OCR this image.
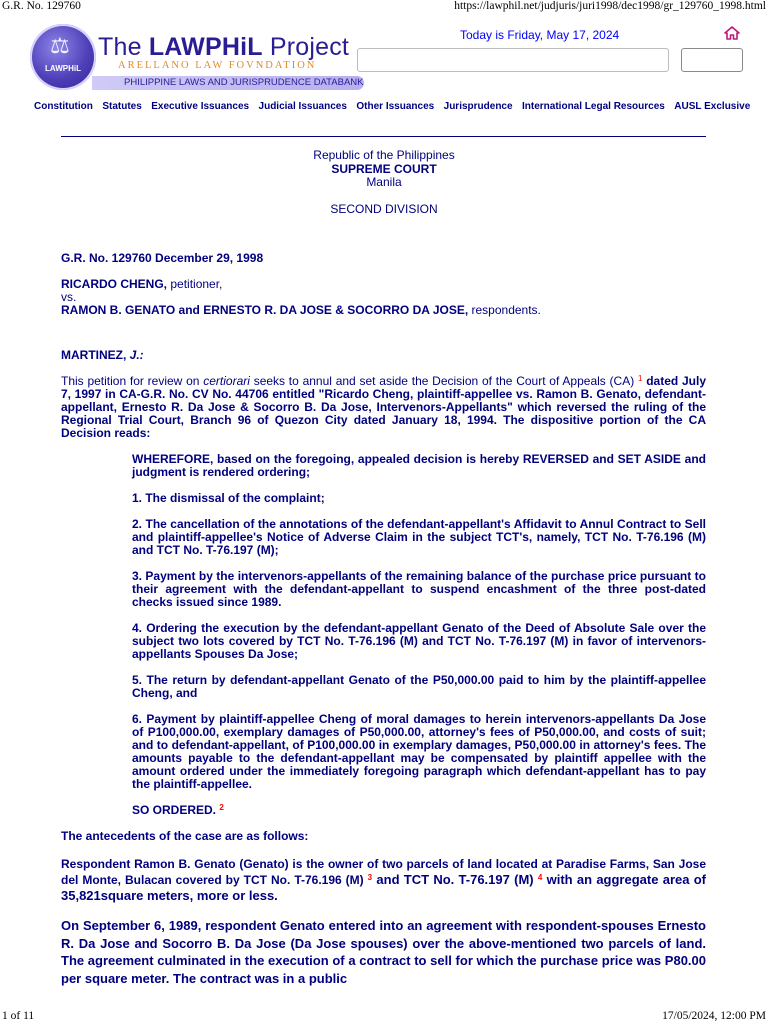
G.R. No. 129760	https://lawphil.net/judjuris/juri1998/dec1998/gr_129760_1998.html
1 of 11	17/05/2024, 12:00 PM
⚖
LAWPHiL
The LAWPHiL Project
ARELLANO LAW FOVNDATION
PHILIPPINE LAWS AND JURISPRUDENCE DATABANK
Today is Friday, May 17, 2024
Constitution Statutes Executive Issuances Judicial Issuances Other Issuances Jurisprudence International Legal Resources AUSL Exclusive
Republic of the Philippines
SUPREME COURT
Manila
SECOND DIVISION

G.R. No. 129760 December 29, 1998

RICARDO CHENG, petitioner,
vs.
RAMON B. GENATO and ERNESTO R. DA JOSE & SOCORRO DA JOSE, respondents.

MARTINEZ, J.:

This petition for review on certiorari seeks to annul and set aside the Decision of the Court of Appeals (CA) $^1$ dated July 7, 1997 in CA-G.R. No. CV No. 44706 entitled "Ricardo Cheng, plaintiff-appellee vs. Ramon B. Genato, defendant-appellant, Ernesto R. Da Jose & Socorro B. Da Jose, Intervenors-Appellants" which reversed the ruling of the Regional Trial Court, Branch 96 of Quezon City dated January 18, 1994. The dispositive portion of the CA Decision reads:

WHEREFORE, based on the foregoing, appealed decision is hereby REVERSED and SET ASIDE and judgment is rendered ordering;

1. The dismissal of the complaint;

2. The cancellation of the annotations of the defendant-appellant's Affidavit to Annul Contract to Sell and plaintiff-appellee's Notice of Adverse Claim in the subject TCT's, namely, TCT No. T-76.196 (M) and TCT No. T-76.197 (M);

3. Payment by the intervenors-appellants of the remaining balance of the purchase price pursuant to their agreement with the defendant-appellant to suspend encashment of the three post-dated checks issued since 1989.

4. Ordering the execution by the defendant-appellant Genato of the Deed of Absolute Sale over the subject two lots covered by TCT No. T-76.196 (M) and TCT No. T-76.197 (M) in favor of intervenors-appellants Spouses Da Jose;

5. The return by defendant-appellant Genato of the P50,000.00 paid to him by the plaintiff-appellee Cheng, and

6. Payment by plaintiff-appellee Cheng of moral damages to herein intervenors-appellants Da Jose of P100,000.00, exemplary damages of P50,000.00, attorney's fees of P50,000.00, and costs of suit; and to defendant-appellant, of P100,000.00 in exemplary damages, P50,000.00 in attorney's fees. The amounts payable to the defendant-appellant may be compensated by plaintiff appellee with the amount ordered under the immediately foregoing paragraph which defendant-appellant has to pay the plaintiff-appellee.

SO ORDERED. $^2$

The antecedents of the case are as follows:

Respondent Ramon B. Genato (Genato) is the owner of two parcels of land located at Paradise Farms, San Jose del Monte, Bulacan covered by TCT No. T-76.196 (M) $^3$ and TCT No. T-76.197 (M) $^4$ with an aggregate area of 35,821square meters, more or less.

On September 6, 1989, respondent Genato entered into an agreement with respondent-spouses Ernesto R. Da Jose and Socorro B. Da Jose (Da Jose spouses) over the above-mentioned two parcels of land. The agreement culminated in the execution of a contract to sell for which the purchase price was P80.00 per square meter. The contract was in a public
